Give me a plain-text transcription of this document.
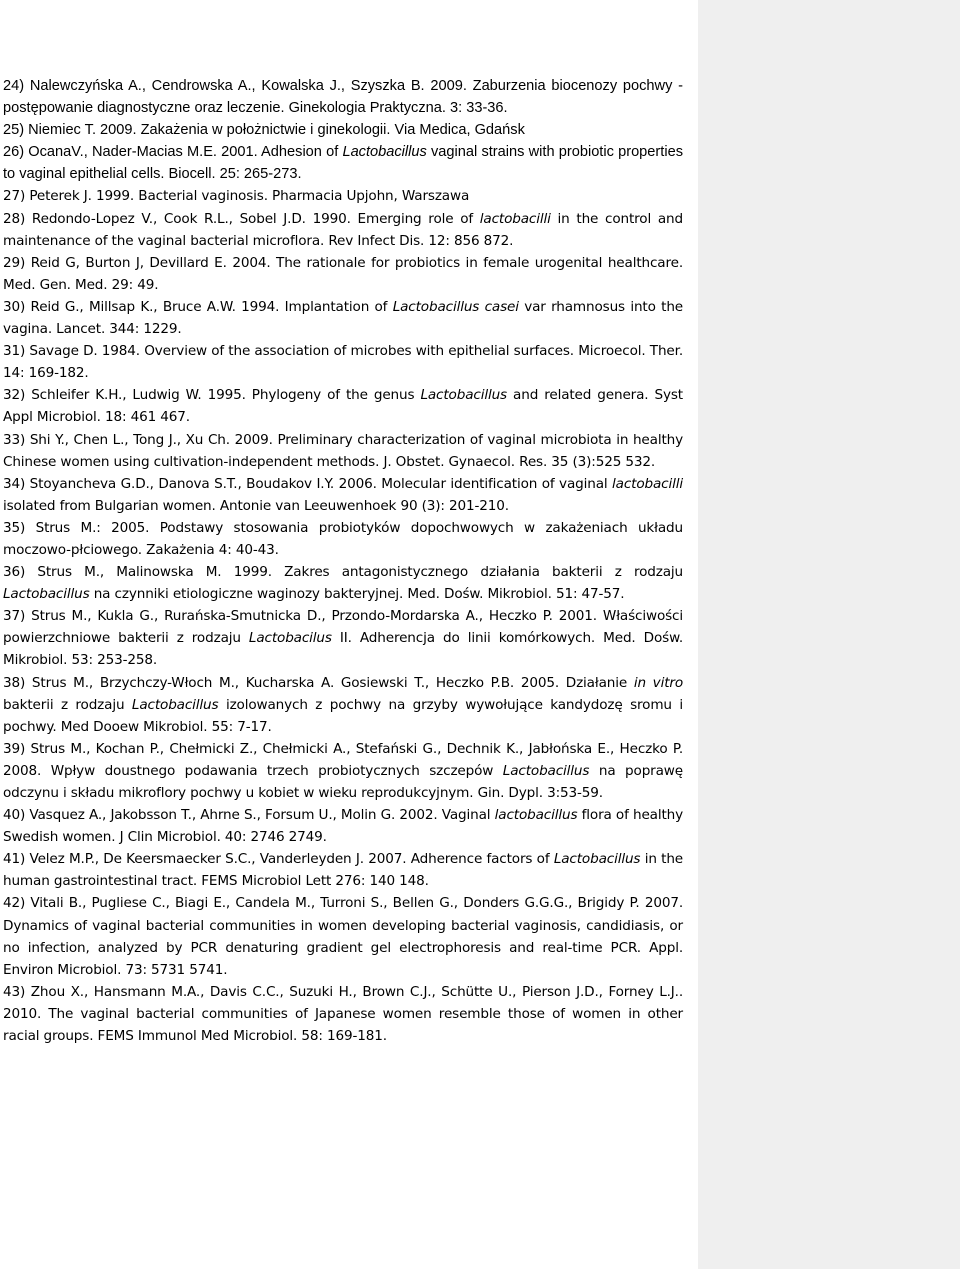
24) Nalewczyńska A., Cendrowska A., Kowalska J., Szyszka B. 2009. Zaburzenia biocenozy pochwy - postępowanie diagnostyczne oraz leczenie. Ginekologia Praktyczna. 3: 33-36.

25) Niemiec T. 2009. Zakażenia w położnictwie i ginekologii. Via Medica, Gdańsk

26) OcanaV., Nader-Macias M.E. 2001. Adhesion of Lactobacillus vaginal strains with probiotic properties to vaginal epithelial cells. Biocell. 25: 265-273.

27) Peterek J. 1999. Bacterial vaginosis. Pharmacia Upjohn, Warszawa

28) Redondo-Lopez V., Cook R.L., Sobel J.D. 1990. Emerging role of lactobacilli in the control and maintenance of the vaginal bacterial microflora. Rev Infect Dis. 12: 856 872.

29) Reid G, Burton J, Devillard E. 2004. The rationale for probiotics in female urogenital healthcare. Med. Gen. Med. 29: 49.

30) Reid G., Millsap K., Bruce A.W. 1994. Implantation of Lactobacillus casei var rhamnosus into the vagina. Lancet. 344: 1229.

31) Savage D. 1984. Overview of the association of microbes with epithelial surfaces. Microecol. Ther. 14: 169-182.

32) Schleifer K.H., Ludwig W. 1995. Phylogeny of the genus Lactobacillus and related genera. Syst Appl Microbiol. 18: 461 467.

33) Shi Y., Chen L., Tong J., Xu Ch. 2009. Preliminary characterization of vaginal microbiota in healthy Chinese women using cultivation-independent methods. J. Obstet. Gynaecol. Res. 35 (3):525 532.

34) Stoyancheva G.D., Danova S.T., Boudakov I.Y. 2006. Molecular identification of vaginal lactobacilli isolated from Bulgarian women. Antonie van Leeuwenhoek 90 (3): 201-210.

35) Strus M.: 2005. Podstawy stosowania probiotyków dopochwowych w zakażeniach układu moczowo-płciowego. Zakażenia 4: 40-43.

36) Strus M., Malinowska M. 1999. Zakres antagonistycznego działania bakterii z rodzaju Lactobacillus na czynniki etiologiczne waginozy bakteryjnej. Med. Dośw. Mikrobiol. 51: 47-57.

37) Strus M., Kukla G., Rurańska-Smutnicka D., Przondo-Mordarska A., Heczko P. 2001. Właściwości powierzchniowe bakterii z rodzaju Lactobacilus II. Adherencja do linii komórkowych. Med. Dośw. Mikrobiol. 53: 253-258.

38) Strus M., Brzychczy-Włoch M., Kucharska A. Gosiewski T., Heczko P.B. 2005. Działanie in vitro bakterii z rodzaju Lactobacillus izolowanych z pochwy na grzyby wywołujące kandydozę sromu i pochwy. Med Dooew Mikrobiol. 55: 7-17.

39) Strus M., Kochan P., Chełmicki Z., Chełmicki A., Stefański G., Dechnik K., Jabłońska E., Heczko P. 2008. Wpływ doustnego podawania trzech probiotycznych szczepów Lactobacillus na poprawę odczynu i składu mikroflory pochwy u kobiet w wieku reprodukcyjnym. Gin. Dypl. 3:53-59.

40) Vasquez A., Jakobsson T., Ahrne S., Forsum U., Molin G. 2002. Vaginal lactobacillus flora of healthy Swedish women. J Clin Microbiol. 40: 2746 2749.

41) Velez M.P., De Keersmaecker S.C., Vanderleyden J. 2007. Adherence factors of Lactobacillus in the human gastrointestinal tract. FEMS Microbiol Lett 276: 140 148.

42) Vitali B., Pugliese C., Biagi E., Candela M., Turroni S., Bellen G., Donders G.G.G., Brigidy P. 2007. Dynamics of vaginal bacterial communities in women developing bacterial vaginosis, candidiasis, or no infection, analyzed by PCR denaturing gradient gel electrophoresis and real-time PCR. Appl. Environ Microbiol. 73: 5731 5741.

43) Zhou X., Hansmann M.A., Davis C.C., Suzuki H., Brown C.J., Schütte U., Pierson J.D., Forney L.J.. 2010. The vaginal bacterial communities of Japanese women resemble those of women in other racial groups. FEMS Immunol Med Microbiol. 58: 169-181.
